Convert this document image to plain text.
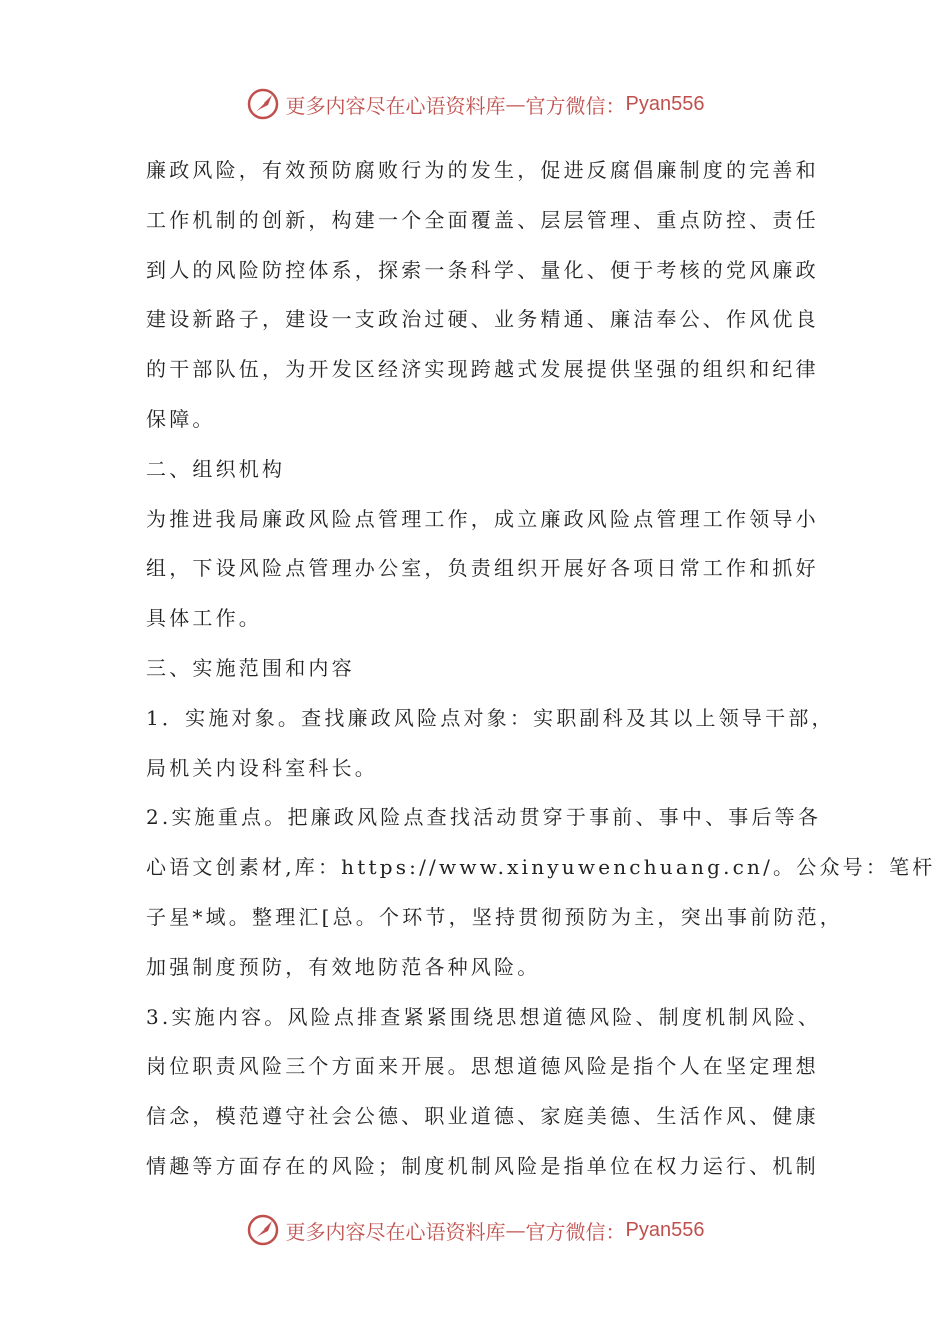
更多内容尽在心语资料库 — 官方微信： Pyan556
廉政风险，有效预防腐败行为的发生，促进反腐倡廉制度的完善和
工作机制的创新，构建一个全面覆盖、层层管理、重点防控、责任
到人的风险防控体系，探索一条科学、量化、便于考核的党风廉政
建设新路子，建设一支政治过硬、业务精通、廉洁奉公、作风优良
的干部队伍，为开发区经济实现跨越式发展提供坚强的组织和纪律
保障。
二、组织机构
为推进我局廉政风险点管理工作，成立廉政风险点管理工作领导小
组，下设风险点管理办公室，负责组织开展好各项日常工作和抓好
具体工作。
三、实施范围和内容
1．实施对象。查找廉政风险点对象：实职副科及其以上领导干部，
局机关内设科室科长。
2.实施重点。把廉政风险点查找活动贯穿于事前、事中、事后等各
心语文创素材,库：https://www.xinyuwenchuang.cn/。公众号：笔杆
子星*域。整理汇[总。个环节，坚持贯彻预防为主，突出事前防范，
加强制度预防，有效地防范各种风险。
3.实施内容。风险点排查紧紧围绕思想道德风险、制度机制风险、
岗位职责风险三个方面来开展。思想道德风险是指个人在坚定理想
信念，模范遵守社会公德、职业道德、家庭美德、生活作风、健康
情趣等方面存在的风险；制度机制风险是指单位在权力运行、机制
更多内容尽在心语资料库 — 官方微信： Pyan556
